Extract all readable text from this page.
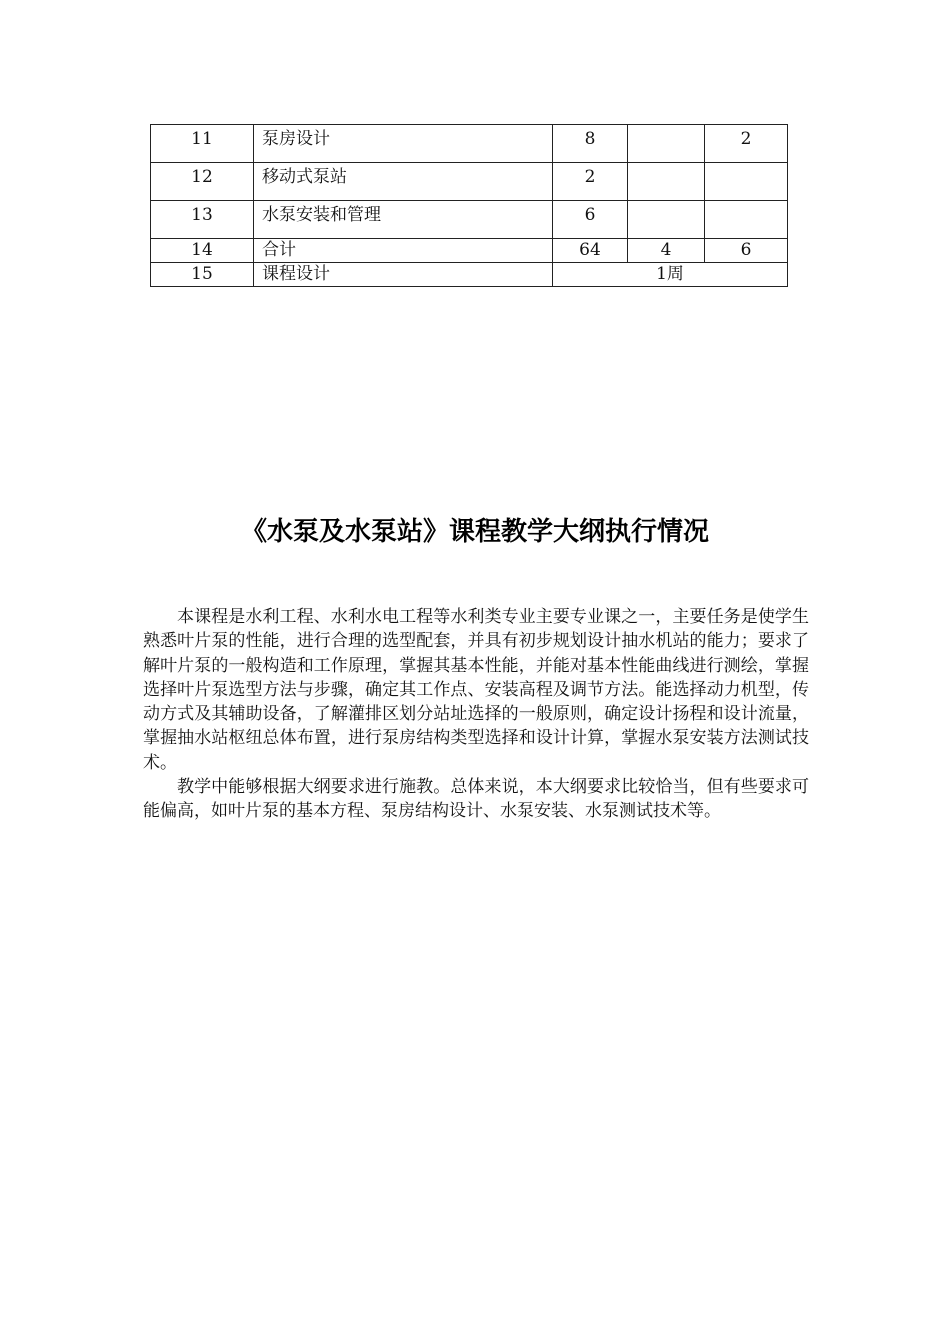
11	泵房设计	8		2
12	移动式泵站	2		
13	水泵安装和管理	6		
14	合计	64	4	6
15	课程设计	1周		
《水泵及水泵站》课程教学大纲执行情况

本课程是水利工程、水利水电工程等水利类专业主要专业课之一，主要任务是使学生熟悉叶片泵的性能，进行合理的选型配套，并具有初步规划设计抽水机站的能力；要求了解叶片泵的一般构造和工作原理，掌握其基本性能，并能对基本性能曲线进行测绘，掌握选择叶片泵选型方法与步骤，确定其工作点、安装高程及调节方法。能选择动力机型，传动方式及其辅助设备，了解灌排区划分站址选择的一般原则，确定设计扬程和设计流量，掌握抽水站枢纽总体布置，进行泵房结构类型选择和设计计算，掌握水泵安装方法测试技术。

教学中能够根据大纲要求进行施教。总体来说，本大纲要求比较恰当，但有些要求可能偏高，如叶片泵的基本方程、泵房结构设计、水泵安装、水泵测试技术等。
